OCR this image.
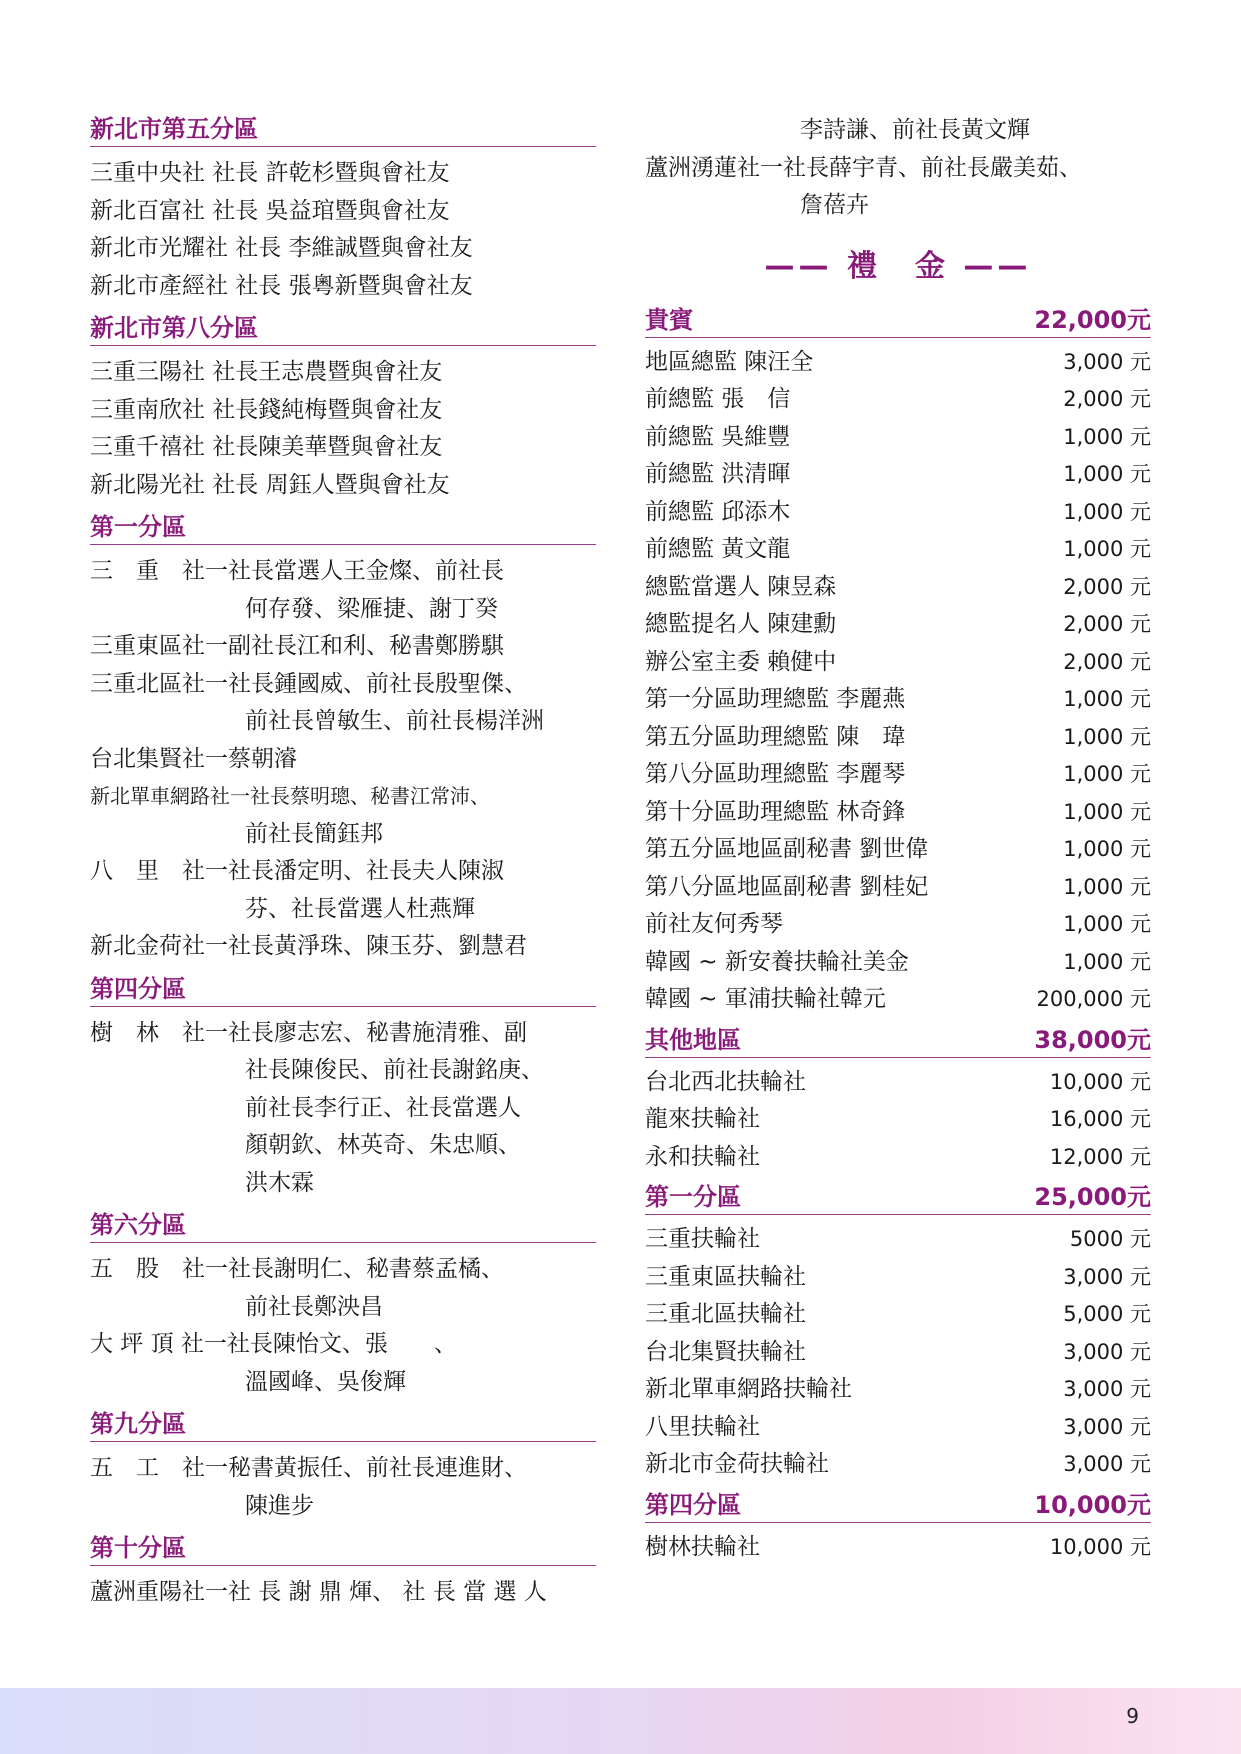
新北市第五分區
三重中央社 社長 許乾杉暨與會社友
新北百富社 社長 吳益琯暨與會社友
新北市光耀社 社長 李維誠暨與會社友
新北市產經社 社長 張粵新暨與會社友
新北市第八分區
三重三陽社 社長王志農暨與會社友
三重南欣社 社長錢純梅暨與會社友
三重千禧社 社長陳美華暨與會社友
新北陽光社 社長 周鈺人暨與會社友
第一分區
三　重　社一社長當選人王金燦、前社長
何存發、梁雁捷、謝丁癸
三重東區社一副社長江和利、秘書鄭勝騏
三重北區社一社長鍾國威、前社長殷聖傑、
前社長曾敏生、前社長楊洋洲
台北集賢社一蔡朝濬
新北單車網路社一社長蔡明璁、秘書江常沛、
前社長簡鈺邦
八　里　社一社長潘定明、社長夫人陳淑
芬、社長當選人杜燕輝
新北金荷社一社長黃淨珠、陳玉芬、劉慧君
第四分區
樹　林　社一社長廖志宏、秘書施清雅、副
社長陳俊民、前社長謝銘庚、
前社長李行正、社長當選人
顏朝欽、林英奇、朱忠順、
洪木霖
第六分區
五　股　社一社長謝明仁、秘書蔡孟橘、
前社長鄭泱昌
大 坪 頂 社一社長陳怡文、張　　、
溫國峰、吳俊輝
第九分區
五　工　社一秘書黃振任、前社長連進財、
陳進步
第十分區
蘆洲重陽社一社 長 謝 鼎 煇、 社 長 當 選 人
李詩謙、前社長黃文輝
蘆洲湧蓮社一社長薛宇青、前社長嚴美茹、
詹蓓卉
—— 禮　金 ——
貴賓	22,000元
地區總監 陳汪全	3,000 元
前總監 張　信	2,000 元
前總監 吳維豐	1,000 元
前總監 洪清暉	1,000 元
前總監 邱添木	1,000 元
前總監 黃文龍	1,000 元
總監當選人 陳昱森	2,000 元
總監提名人 陳建勳	2,000 元
辦公室主委 賴健中	2,000 元
第一分區助理總監 李麗燕	1,000 元
第五分區助理總監 陳　瑋	1,000 元
第八分區助理總監 李麗琴	1,000 元
第十分區助理總監 林奇鋒	1,000 元
第五分區地區副秘書 劉世偉	1,000 元
第八分區地區副秘書 劉桂妃	1,000 元
前社友何秀琴	1,000 元
韓國 ~ 新安養扶輪社美金	1,000 元
韓國 ~ 軍浦扶輪社韓元	200,000 元
其他地區	38,000元
台北西北扶輪社	10,000 元
龍來扶輪社	16,000 元
永和扶輪社	12,000 元
第一分區	25,000元
三重扶輪社	5000 元
三重東區扶輪社	3,000 元
三重北區扶輪社	5,000 元
台北集賢扶輪社	3,000 元
新北單車網路扶輪社	3,000 元
八里扶輪社	3,000 元
新北市金荷扶輪社	3,000 元
第四分區	10,000元
樹林扶輪社	10,000 元
9
